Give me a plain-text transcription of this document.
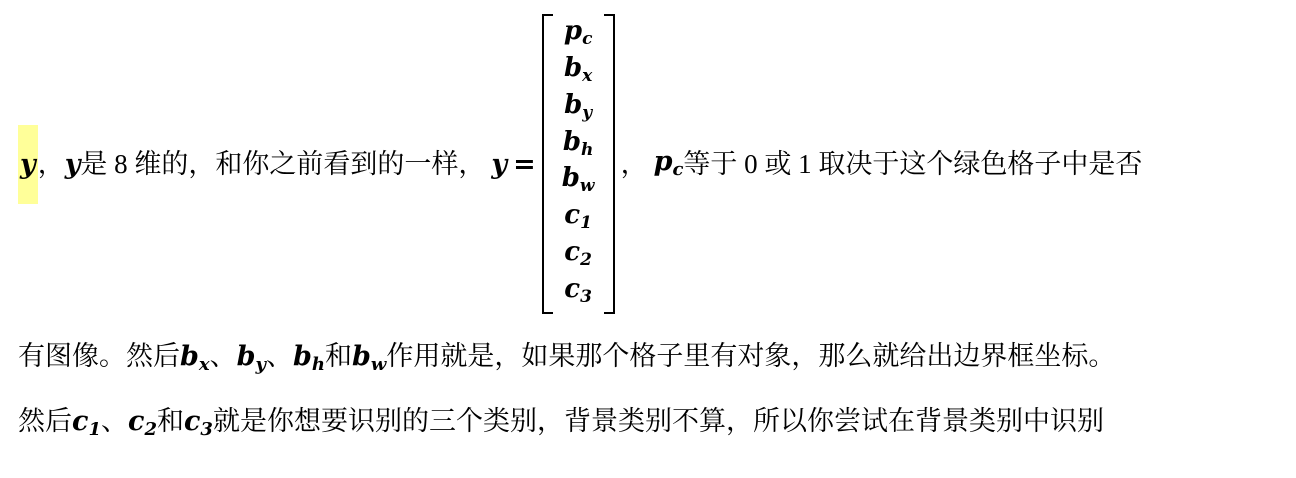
y ， y 是 8 维的，和你之前看到的一样， y =
$p_c$
$b_x$
$b_y$
$b_h$
$b_w$
$c_1$
$c_2$
$c_3$
， $p_c$ 等于 0 或 1 取决于这个绿色格子中是否
有图像。然后$b_x$、$b_y$、$b_h$和$b_w$作用就是，如果那个格子里有对象，那么就给出边界框坐标。
然后$c_1$、$c_2$和$c_3$就是你想要识别的三个类别，背景类别不算，所以你尝试在背景类别中识别
